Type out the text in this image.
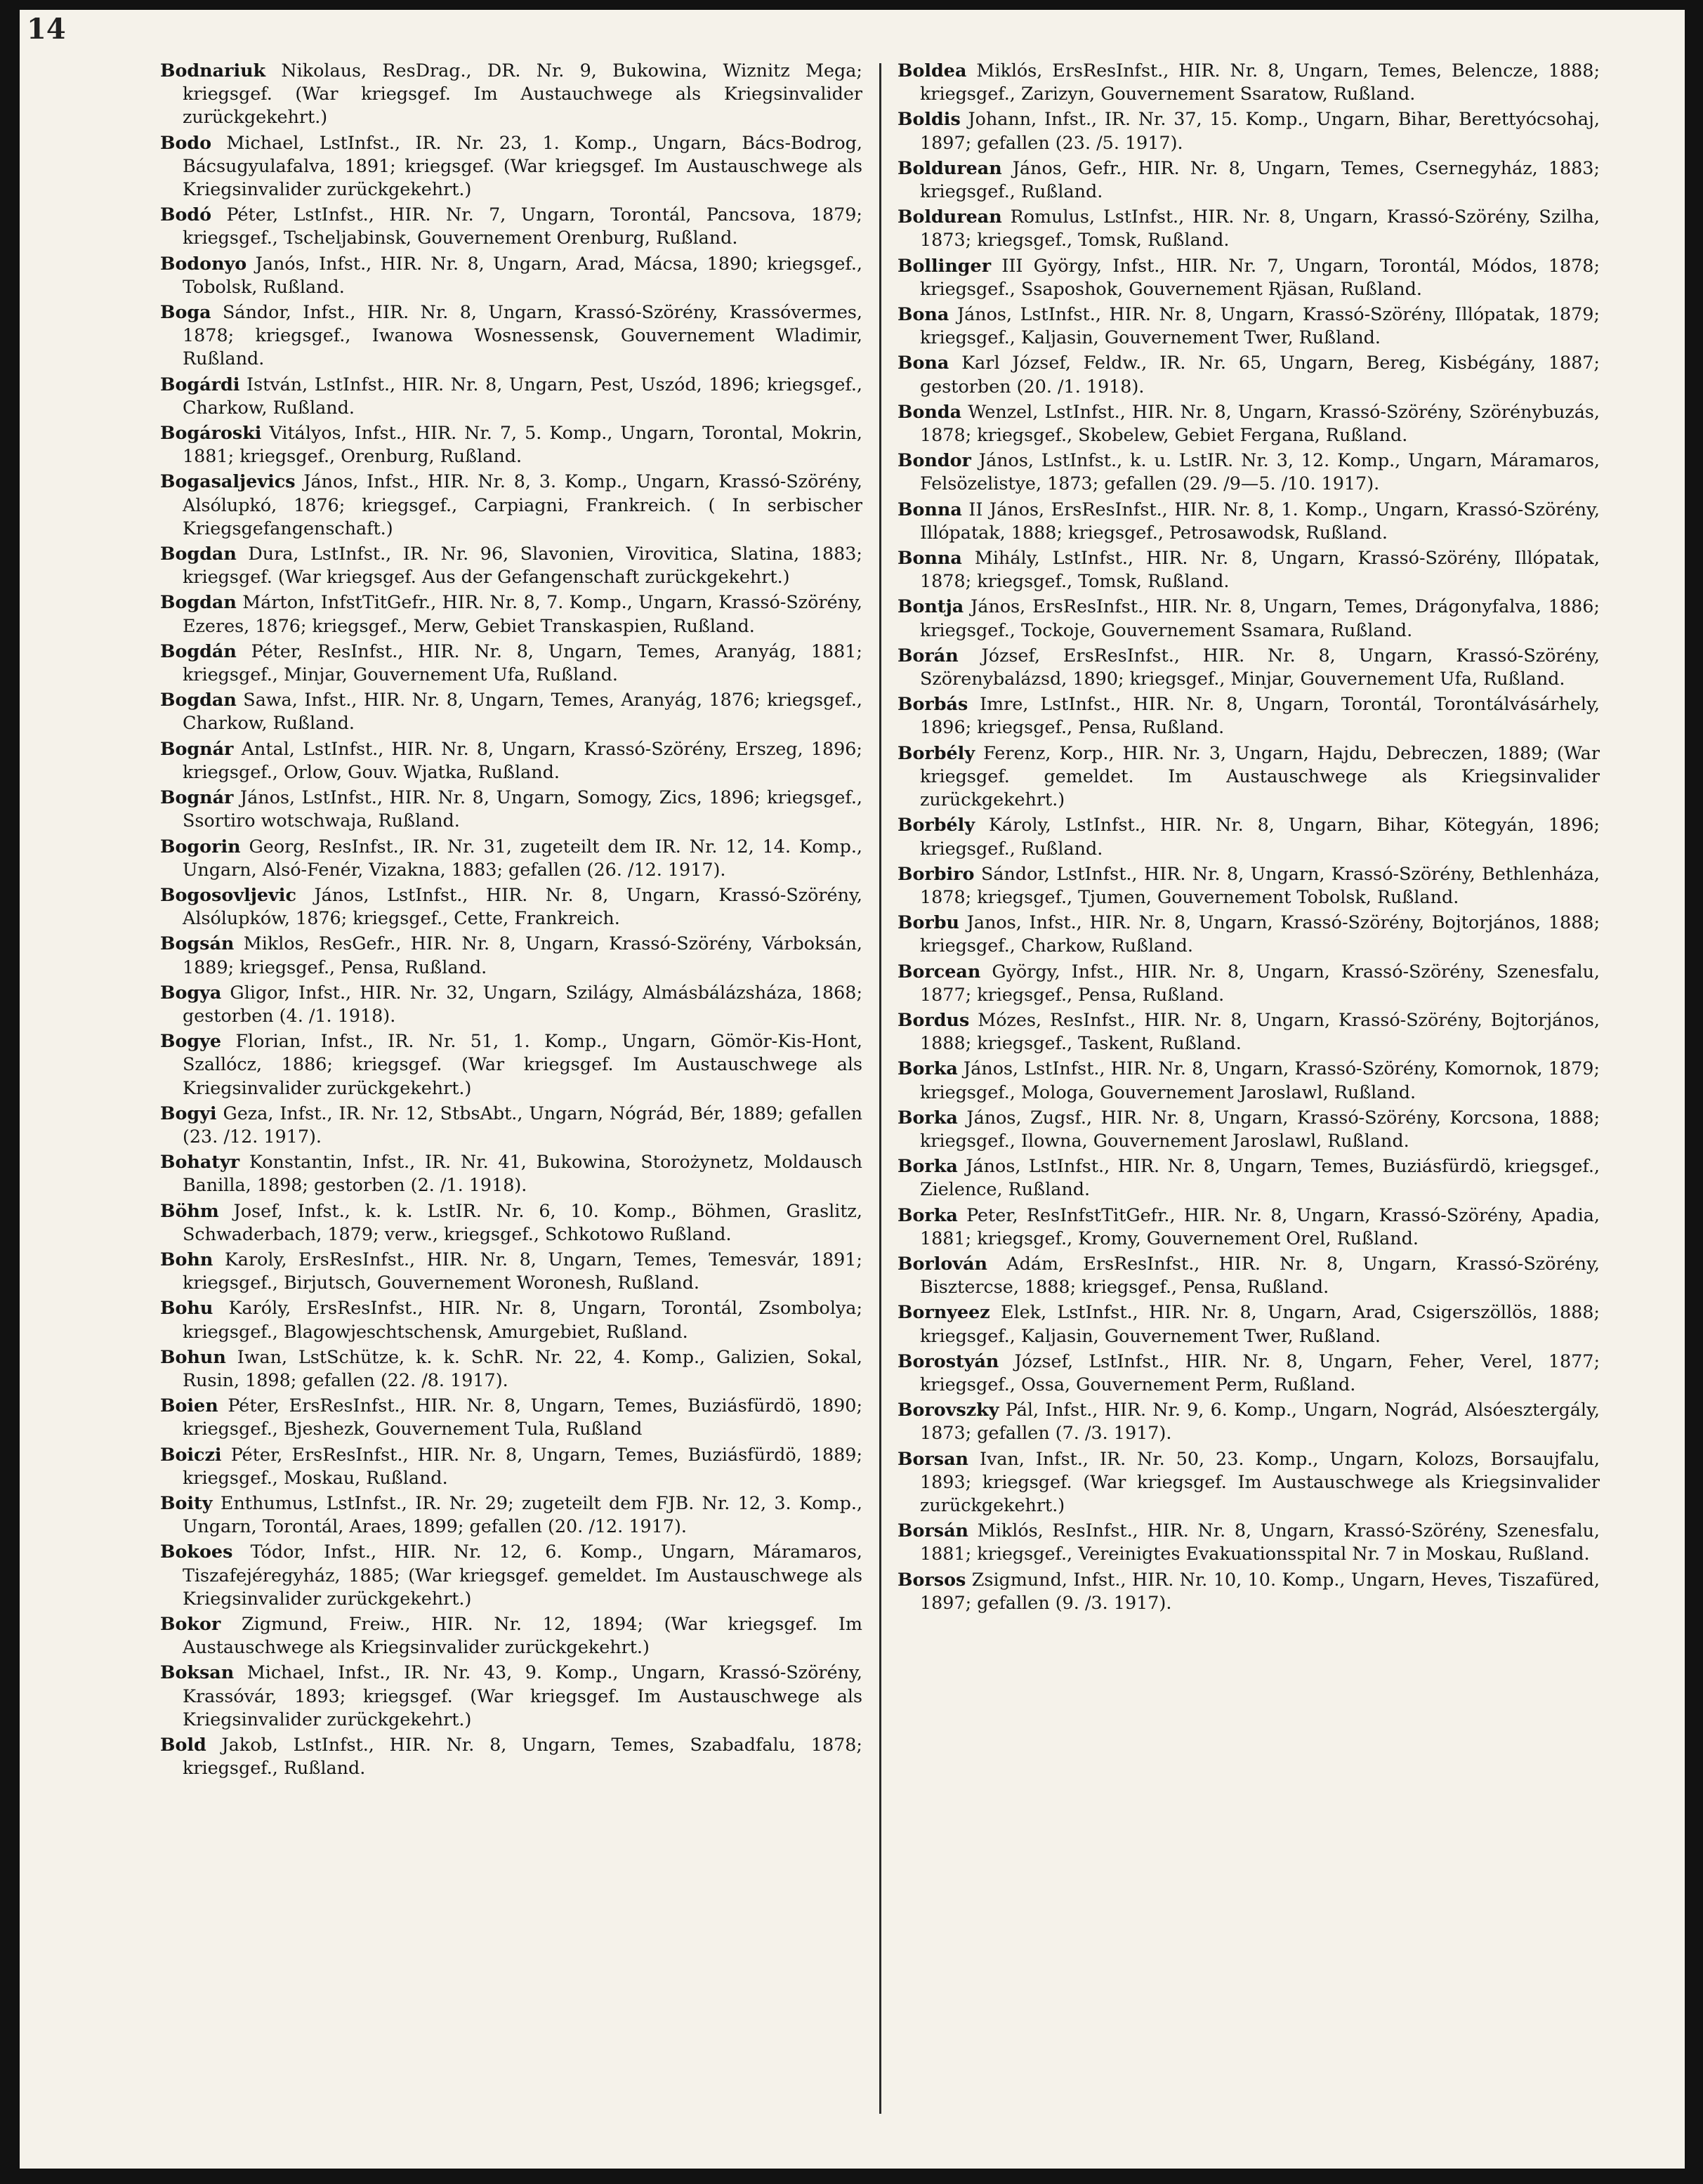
14

Bodnariuk Nikolaus, ResDrag., DR. Nr. 9, Bukowina, Wiznitz Mega; kriegsgef. (War kriegsgef. Im Austauchwege als Kriegsinvalider zurückgekehrt.)

Bodo Michael, LstInfst., IR. Nr. 23, 1. Komp., Ungarn, Bács-Bodrog, Bácsugyulafalva, 1891; kriegsgef. (War kriegsgef. Im Austauschwege als Kriegsinvalider zurückgekehrt.)

Bodó Péter, LstInfst., HIR. Nr. 7, Ungarn, Torontál, Pancsova, 1879; kriegsgef., Tscheljabinsk, Gouvernement Orenburg, Rußland.

Bodonyo Janós, Infst., HIR. Nr. 8, Ungarn, Arad, Mácsa, 1890; kriegsgef., Tobolsk, Rußland.

Boga Sándor, Infst., HIR. Nr. 8, Ungarn, Krassó-Szörény, Krassóvermes, 1878; kriegsgef., Iwanowa Wosnessensk, Gouvernement Wladimir, Rußland.

Bogárdi István, LstInfst., HIR. Nr. 8, Ungarn, Pest, Uszód, 1896; kriegsgef., Charkow, Rußland.

Bogároski Vitályos, Infst., HIR. Nr. 7, 5. Komp., Ungarn, Torontal, Mokrin, 1881; kriegsgef., Orenburg, Rußland.

Bogasaljevics János, Infst., HIR. Nr. 8, 3. Komp., Ungarn, Krassó-Szörény, Alsólupkó, 1876; kriegsgef., Carpiagni, Frankreich. ( In serbischer Kriegsgefangenschaft.)

Bogdan Dura, LstInfst., IR. Nr. 96, Slavonien, Virovitica, Slatina, 1883; kriegsgef. (War kriegsgef. Aus der Gefangenschaft zurückgekehrt.)

Bogdan Márton, InfstTitGefr., HIR. Nr. 8, 7. Komp., Ungarn, Krassó-Szörény, Ezeres, 1876; kriegsgef., Merw, Gebiet Transkaspien, Rußland.

Bogdán Péter, ResInfst., HIR. Nr. 8, Ungarn, Temes, Aranyág, 1881; kriegsgef., Minjar, Gouvernement Ufa, Rußland.

Bogdan Sawa, Infst., HIR. Nr. 8, Ungarn, Temes, Aranyág, 1876; kriegsgef., Charkow, Rußland.

Bognár Antal, LstInfst., HIR. Nr. 8, Ungarn, Krassó-Szörény, Erszeg, 1896; kriegsgef., Orlow, Gouv. Wjatka, Rußland.

Bognár János, LstInfst., HIR. Nr. 8, Ungarn, Somogy, Zics, 1896; kriegsgef., Ssortiro wotschwaja, Rußland.

Bogorin Georg, ResInfst., IR. Nr. 31, zugeteilt dem IR. Nr. 12, 14. Komp., Ungarn, Alsó-Fenér, Vizakna, 1883; gefallen (26. /12. 1917).

Bogosovljevic János, LstInfst., HIR. Nr. 8, Ungarn, Krassó-Szörény, Alsólupków, 1876; kriegsgef., Cette, Frankreich.

Bogsán Miklos, ResGefr., HIR. Nr. 8, Ungarn, Krassó-Szörény, Várboksán, 1889; kriegsgef., Pensa, Rußland.

Bogya Gligor, Infst., HIR. Nr. 32, Ungarn, Szilágy, Almásbálázsháza, 1868; gestorben (4. /1. 1918).

Bogye Florian, Infst., IR. Nr. 51, 1. Komp., Ungarn, Gömör-Kis-Hont, Szallócz, 1886; kriegsgef. (War kriegsgef. Im Austauschwege als Kriegsinvalider zurückgekehrt.)

Bogyi Geza, Infst., IR. Nr. 12, StbsAbt., Ungarn, Nógrád, Bér, 1889; gefallen (23. /12. 1917).

Bohatyr Konstantin, Infst., IR. Nr. 41, Bukowina, Storożynetz, Moldausch Banilla, 1898; gestorben (2. /1. 1918).

Böhm Josef, Infst., k. k. LstIR. Nr. 6, 10. Komp., Böhmen, Graslitz, Schwaderbach, 1879; verw., kriegsgef., Schkotowo Rußland.

Bohn Karoly, ErsResInfst., HIR. Nr. 8, Ungarn, Temes, Temesvár, 1891; kriegsgef., Birjutsch, Gouvernement Woronesh, Rußland.

Bohu Karóly, ErsResInfst., HIR. Nr. 8, Ungarn, Torontál, Zsombolya; kriegsgef., Blagowjeschtschensk, Amurgebiet, Rußland.

Bohun Iwan, LstSchütze, k. k. SchR. Nr. 22, 4. Komp., Galizien, Sokal, Rusin, 1898; gefallen (22. /8. 1917).

Boien Péter, ErsResInfst., HIR. Nr. 8, Ungarn, Temes, Buziásfürdö, 1890; kriegsgef., Bjeshezk, Gouvernement Tula, Rußland

Boiczi Péter, ErsResInfst., HIR. Nr. 8, Ungarn, Temes, Buziásfürdö, 1889; kriegsgef., Moskau, Rußland.

Boity Enthumus, LstInfst., IR. Nr. 29; zugeteilt dem FJB. Nr. 12, 3. Komp., Ungarn, Torontál, Araes, 1899; gefallen (20. /12. 1917).

Bokoes Tódor, Infst., HIR. Nr. 12, 6. Komp., Ungarn, Máramaros, Tiszafejéregyház, 1885; (War kriegsgef. gemeldet. Im Austauschwege als Kriegsinvalider zurückgekehrt.)

Bokor Zigmund, Freiw., HIR. Nr. 12, 1894; (War kriegsgef. Im Austauschwege als Kriegsinvalider zurückgekehrt.)

Boksan Michael, Infst., IR. Nr. 43, 9. Komp., Ungarn, Krassó-Szörény, Krassóvár, 1893; kriegsgef. (War kriegsgef. Im Austauschwege als Kriegsinvalider zurückgekehrt.)

Bold Jakob, LstInfst., HIR. Nr. 8, Ungarn, Temes, Szabadfalu, 1878; kriegsgef., Rußland.

Boldea Miklós, ErsResInfst., HIR. Nr. 8, Ungarn, Temes, Belencze, 1888; kriegsgef., Zarizyn, Gouvernement Ssaratow, Rußland.

Boldis Johann, Infst., IR. Nr. 37, 15. Komp., Ungarn, Bihar, Berettyócsohaj, 1897; gefallen (23. /5. 1917).

Boldurean János, Gefr., HIR. Nr. 8, Ungarn, Temes, Csernegyház, 1883; kriegsgef., Rußland.

Boldurean Romulus, LstInfst., HIR. Nr. 8, Ungarn, Krassó-Szörény, Szilha, 1873; kriegsgef., Tomsk, Rußland.

Bollinger III György, Infst., HIR. Nr. 7, Ungarn, Torontál, Módos, 1878; kriegsgef., Ssaposhok, Gouvernement Rjäsan, Rußland.

Bona János, LstInfst., HIR. Nr. 8, Ungarn, Krassó-Szörény, Illópatak, 1879; kriegsgef., Kaljasin, Gouvernement Twer, Rußland.

Bona Karl József, Feldw., IR. Nr. 65, Ungarn, Bereg, Kisbégány, 1887; gestorben (20. /1. 1918).

Bonda Wenzel, LstInfst., HIR. Nr. 8, Ungarn, Krassó-Szörény, Szörénybuzás, 1878; kriegsgef., Skobelew, Gebiet Fergana, Rußland.

Bondor János, LstInfst., k. u. LstIR. Nr. 3, 12. Komp., Ungarn, Máramaros, Felsözelistye, 1873; gefallen (29. /9—5. /10. 1917).

Bonna II János, ErsResInfst., HIR. Nr. 8, 1. Komp., Ungarn, Krassó-Szörény, Illópatak, 1888; kriegsgef., Petrosawodsk, Rußland.

Bonna Mihály, LstInfst., HIR. Nr. 8, Ungarn, Krassó-Szörény, Illópatak, 1878; kriegsgef., Tomsk, Rußland.

Bontja János, ErsResInfst., HIR. Nr. 8, Ungarn, Temes, Drágonyfalva, 1886; kriegsgef., Tockoje, Gouvernement Ssamara, Rußland.

Borán József, ErsResInfst., HIR. Nr. 8, Ungarn, Krassó-Szörény, Szörenybalázsd, 1890; kriegsgef., Minjar, Gouvernement Ufa, Rußland.

Borbás Imre, LstInfst., HIR. Nr. 8, Ungarn, Torontál, Torontálvásárhely, 1896; kriegsgef., Pensa, Rußland.

Borbély Ferenz, Korp., HIR. Nr. 3, Ungarn, Hajdu, Debreczen, 1889; (War kriegsgef. gemeldet. Im Austauschwege als Kriegsinvalider zurückgekehrt.)

Borbély Károly, LstInfst., HIR. Nr. 8, Ungarn, Bihar, Kötegyán, 1896; kriegsgef., Rußland.

Borbiro Sándor, LstInfst., HIR. Nr. 8, Ungarn, Krassó-Szörény, Bethlenháza, 1878; kriegsgef., Tjumen, Gouvernement Tobolsk, Rußland.

Borbu Janos, Infst., HIR. Nr. 8, Ungarn, Krassó-Szörény, Bojtorjános, 1888; kriegsgef., Charkow, Rußland.

Borcean György, Infst., HIR. Nr. 8, Ungarn, Krassó-Szörény, Szenesfalu, 1877; kriegsgef., Pensa, Rußland.

Bordus Mózes, ResInfst., HIR. Nr. 8, Ungarn, Krassó-Szörény, Bojtorjános, 1888; kriegsgef., Taskent, Rußland.

Borka János, LstInfst., HIR. Nr. 8, Ungarn, Krassó-Szörény, Komornok, 1879; kriegsgef., Mologa, Gouvernement Jaroslawl, Rußland.

Borka János, Zugsf., HIR. Nr. 8, Ungarn, Krassó-Szörény, Korcsona, 1888; kriegsgef., Ilowna, Gouvernement Jaroslawl, Rußland.

Borka János, LstInfst., HIR. Nr. 8, Ungarn, Temes, Buziásfürdö, kriegsgef., Zielence, Rußland.

Borka Peter, ResInfstTitGefr., HIR. Nr. 8, Ungarn, Krassó-Szörény, Apadia, 1881; kriegsgef., Kromy, Gouvernement Orel, Rußland.

Borlován Adám, ErsResInfst., HIR. Nr. 8, Ungarn, Krassó-Szörény, Bisztercse, 1888; kriegsgef., Pensa, Rußland.

Bornyeez Elek, LstInfst., HIR. Nr. 8, Ungarn, Arad, Csigerszöllös, 1888; kriegsgef., Kaljasin, Gouvernement Twer, Rußland.

Borostyán József, LstInfst., HIR. Nr. 8, Ungarn, Feher, Verel, 1877; kriegsgef., Ossa, Gouvernement Perm, Rußland.

Borovszky Pál, Infst., HIR. Nr. 9, 6. Komp., Ungarn, Nográd, Alsóesztergály, 1873; gefallen (7. /3. 1917).

Borsan Ivan, Infst., IR. Nr. 50, 23. Komp., Ungarn, Kolozs, Borsaujfalu, 1893; kriegsgef. (War kriegsgef. Im Austauschwege als Kriegsinvalider zurückgekehrt.)

Borsán Miklós, ResInfst., HIR. Nr. 8, Ungarn, Krassó-Szörény, Szenesfalu, 1881; kriegsgef., Vereinigtes Evakuationsspital Nr. 7 in Moskau, Rußland.

Borsos Zsigmund, Infst., HIR. Nr. 10, 10. Komp., Ungarn, Heves, Tiszafüred, 1897; gefallen (9. /3. 1917).
